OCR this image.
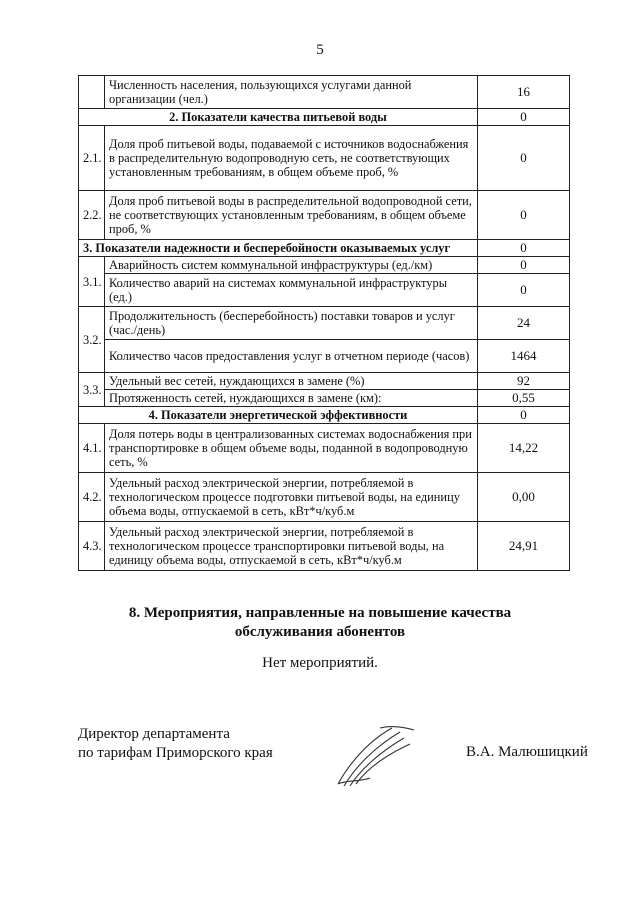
5
	Численность населения, пользующихся услугами данной организации (чел.)	16
2. Показатели качества питьевой воды		0
2.1.	Доля проб питьевой воды, подаваемой с источников водоснабжения в распределительную водопроводную сеть, не соответствующих установленным требованиям, в общем объеме проб, %	0
2.2.	Доля проб питьевой воды в распределительной водопроводной сети, не соответствующих установленным требованиям, в общем объеме проб, %	0
3. Показатели надежности и бесперебойности оказываемых услуг		0
3.1.	Аварийность систем коммунальной инфраструктуры (ед./км)	0
	Количество аварий на системах коммунальной инфраструктуры (ед.)	0
3.2.	Продолжительность (бесперебойность) поставки товаров и услуг (час./день)	24
	Количество часов предоставления услуг в отчетном периоде (часов)	1464
3.3.	Удельный вес сетей, нуждающихся в замене (%)	92
	Протяженность сетей, нуждающихся в замене (км):	0,55
4. Показатели энергетической эффективности		0
4.1.	Доля потерь воды в централизованных системах водоснабжения при транспортировке в общем объеме воды, поданной в водопроводную сеть, %	14,22
4.2.	Удельный расход электрической энергии, потребляемой в технологическом процессе подготовки питьевой воды, на единицу объема воды, отпускаемой в сеть, кВт*ч/куб.м	0,00
4.3.	Удельный расход электрической энергии, потребляемой в технологическом процессе транспортировки питьевой воды, на единицу объема воды, отпускаемой в сеть, кВт*ч/куб.м	24,91
8. Мероприятия, направленные на повышение качества
обслуживания абонентов
Нет мероприятий.
Директор департамента
по тарифам Приморского края	В.А. Малюшицкий
